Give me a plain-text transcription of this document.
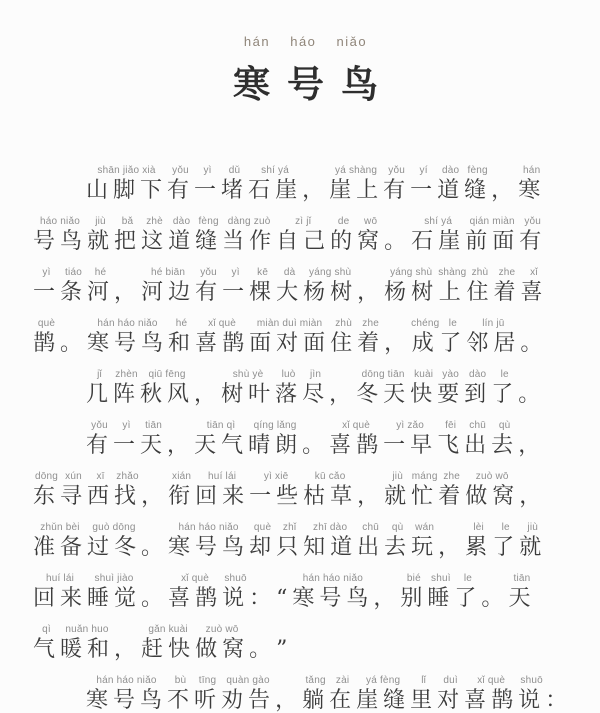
hán háo niǎo
寒号鸟
山脚下shān jiǎo xià
有yǒu
一yì
堵dǔ
石崖shí yá
， 崖上yá shàng
有yǒu
一yí
道dào
缝fèng
， 寒hán
号鸟háo niǎo
就jiù
把bǎ
这zhè
道dào
缝fèng
当作dàng zuò
自己zì jǐ
的de
窝wō
。 石崖shí yá
前面qián miàn
有yǒu
一yì
条tiáo
河hé
， 河边hé biān
有yǒu
一yì
棵kē
大dà
杨树yáng shù
， 杨树yáng shù
上shàng
住zhù
着zhe
喜xǐ
鹊què
。 寒号鸟hán háo niǎo
和hé
喜鹊xǐ què
面对面miàn duì miàn
住zhù
着zhe
， 成chéng
了le
邻居lín jū
。
几jǐ
阵zhèn
秋风qiū fēng
， 树叶shù yè
落luò
尽jìn
， 冬天dōng tiān
快kuài
要yào
到dào
了le
。
有yǒu
一yì
天tiān
， 天气tiān qì
晴朗qíng lǎng
。 喜鹊xǐ què
一早yì zǎo
飞fēi
出chū
去qù
，
东dōng
寻xún
西xī
找zhǎo
， 衔xián
回来huí lái
一些yì xiē
枯草kū cǎo
， 就jiù
忙máng
着zhe
做窝zuò wō
，
准备zhǔn bèi
过冬guò dōng
。 寒号鸟hán háo niǎo
却què
只zhǐ
知道zhī dào
出chū
去qù
玩wán
， 累lèi
了le
就jiù
回来huí lái
睡觉shuì jiào
。 喜鹊xǐ què
说shuō
： “ 寒号鸟hán háo niǎo
， 别bié
睡shuì
了le
。 天tiān
气qì
暖和nuǎn huo
， 赶快gǎn kuài
做窝zuò wō
。 ”
寒号鸟hán háo niǎo
不bù
听tīng
劝告quàn gào
， 躺tǎng
在zài
崖缝yá fèng
里lǐ
对duì
喜鹊xǐ què
说shuō
：
